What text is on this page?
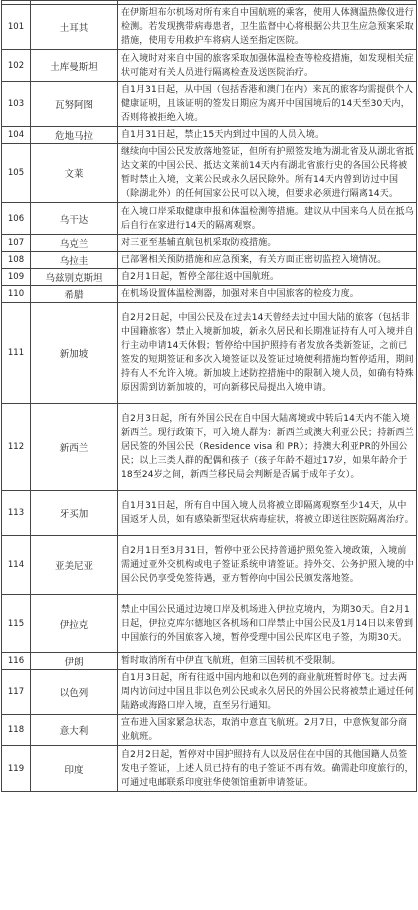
101	土耳其	在伊斯坦布尔机场对所有来自中国航班的乘客，使用人体测温热像仪进行检测。若发现携带病毒患者，卫生监督中心将根据公共卫生应急预案采取措施，使用专用救护车将病人送至指定医院。
102	土库曼斯坦	在入境时对来自中国的旅客采取加强体温检查等检疫措施，如发现相关症状可能对有关人员进行隔离检查及送医院治疗。
103	瓦努阿图	自1月31日起，从中国（包括香港和澳门在内）来瓦的旅客均需提供个人健康证明，且该证明的签发日期应为离开中国国境后的14天至30天内，否则将被拒绝入境。
104	危地马拉	自1月31日起，禁止15天内到过中国的人员入境。
105	文莱	继续向中国公民发放落地签证，但所有护照签发地为湖北省及从湖北省抵达文莱的中国公民、抵达文莱前14天内有湖北省旅行史的各国公民将被暂时禁止入境，文莱公民或永久居民除外。所有14天内曾到访过中国（除湖北外）的任何国家公民可以入境，但要求必须进行隔离14天。
106	乌干达	在入境口岸采取健康申报和体温检测等措施。建议从中国来乌人员在抵乌后自行在家进行14天的隔离观察。
107	乌克兰	对三亚至基辅直航包机采取防疫措施。
108	乌拉圭	已部署相关预防措施和应急预案，有关方面正密切监控入境情况。
109	乌兹别克斯坦	自2月1日起，暂停全部往返中国航班。
110	希腊	在机场设置体温检测器，加强对来自中国旅客的检疫力度。
111	新加坡	自2月2日起，中国公民及在过去14天曾经去过中国大陆的旅客（包括非中国籍旅客）禁止入境新加坡，新永久居民和长期准证持有人可入境并自行主动申请14天休假；暂停给中国护照持有者发放各类新签证，之前已签发的短期签证和多次入境签证以及签证过境便利措施均暂停适用，期间持有人不允许入境。新加坡上述防控措施中的限制入境人员，如确有特殊原因需到访新加坡的，可向新移民局提出入境申请。
112	新西兰	自2月3日起，所有外国公民在自中国大陆离境或中转后14天内不能入境新西兰。现行政策下，可入境人群为：新西兰或澳大利亚公民；持新西兰居民签的外国公民（Residence visa 和 PR）；持澳大利亚PR的外国公民；以上三类人群的配偶和孩子（孩子年龄不超过17岁，如果年龄介于18至24岁之间，新西兰移民局会判断是否属于成年子女）。
113	牙买加	自1月31日起，所有自中国入境人员将被立即隔离观察至少14天，从中国返牙人员，如有感染新型冠状病毒症状，将被立即送往医院隔离治疗。
114	亚美尼亚	自2月1日至3月31日，暂停中亚公民持普通护照免签入境政策，入境前需通过亚外交机构或电子签证系统申请签证。持外交、公务护照入境的中国公民仍享受免签待遇，亚方暂停向中国公民颁发落地签。
115	伊拉克	禁止中国公民通过边境口岸及机场进入伊拉克境内，为期30天。自2月1日起，伊拉克库尔德地区各机场和口岸禁止中国公民及1月14日以来曾到中国旅行的外国旅客入境，暂停受理中国公民库区电子签，为期30天。
116	伊朗	暂时取消所有中伊直飞航班，但第三国转机不受限制。
117	以色列	自1月3日起，所有往返中国内地和以色列的商业航班暂时停飞。过去两周内访问过中国且非以色列公民或永久居民的外国公民将被禁止通过任何陆路或海路口岸入境，直至另行通知。
118	意大利	宣布进入国家紧急状态，取消中意直飞航班。2月7日，中意恢复部分商业航班。
119	印度	自2月2日起，暂停对中国护照持有人以及居住在中国的其他国籍人员签发电子签证，上述人员已持有的电子签证不再有效。确需赴印度旅行的，可通过电邮联系印度驻华使领馆重新申请签证。
